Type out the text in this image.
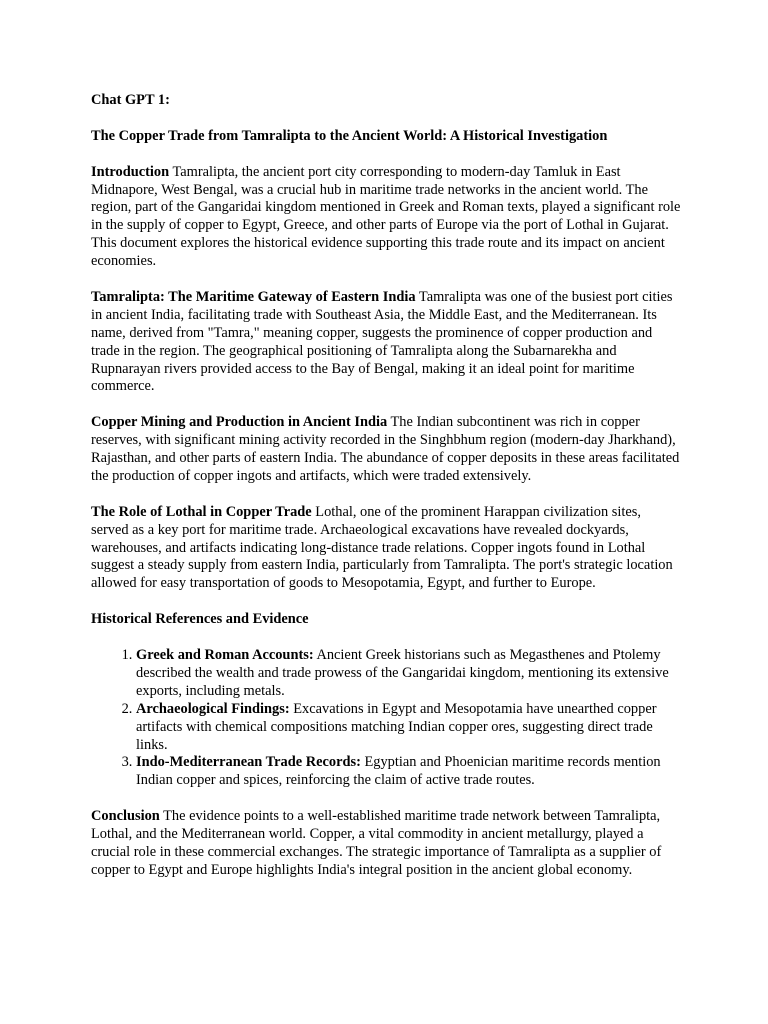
Chat GPT 1:

The Copper Trade from Tamralipta to the Ancient World: A Historical Investigation

Introduction Tamralipta, the ancient port city corresponding to modern-day Tamluk in East Midnapore, West Bengal, was a crucial hub in maritime trade networks in the ancient world. The region, part of the Gangaridai kingdom mentioned in Greek and Roman texts, played a significant role in the supply of copper to Egypt, Greece, and other parts of Europe via the port of Lothal in Gujarat. This document explores the historical evidence supporting this trade route and its impact on ancient economies.

Tamralipta: The Maritime Gateway of Eastern India Tamralipta was one of the busiest port cities in ancient India, facilitating trade with Southeast Asia, the Middle East, and the Mediterranean. Its name, derived from "Tamra," meaning copper, suggests the prominence of copper production and trade in the region. The geographical positioning of Tamralipta along the Subarnarekha and Rupnarayan rivers provided access to the Bay of Bengal, making it an ideal point for maritime commerce.

Copper Mining and Production in Ancient India The Indian subcontinent was rich in copper reserves, with significant mining activity recorded in the Singhbhum region (modern-day Jharkhand), Rajasthan, and other parts of eastern India. The abundance of copper deposits in these areas facilitated the production of copper ingots and artifacts, which were traded extensively.

The Role of Lothal in Copper Trade Lothal, one of the prominent Harappan civilization sites, served as a key port for maritime trade. Archaeological excavations have revealed dockyards, warehouses, and artifacts indicating long-distance trade relations. Copper ingots found in Lothal suggest a steady supply from eastern India, particularly from Tamralipta. The port's strategic location allowed for easy transportation of goods to Mesopotamia, Egypt, and further to Europe.

Historical References and Evidence

1. Greek and Roman Accounts: Ancient Greek historians such as Megasthenes and Ptolemy described the wealth and trade prowess of the Gangaridai kingdom, mentioning its extensive exports, including metals.
2. Archaeological Findings: Excavations in Egypt and Mesopotamia have unearthed copper artifacts with chemical compositions matching Indian copper ores, suggesting direct trade links.
3. Indo-Mediterranean Trade Records: Egyptian and Phoenician maritime records mention Indian copper and spices, reinforcing the claim of active trade routes.

Conclusion The evidence points to a well-established maritime trade network between Tamralipta, Lothal, and the Mediterranean world. Copper, a vital commodity in ancient metallurgy, played a crucial role in these commercial exchanges. The strategic importance of Tamralipta as a supplier of copper to Egypt and Europe highlights India's integral position in the ancient global economy.
